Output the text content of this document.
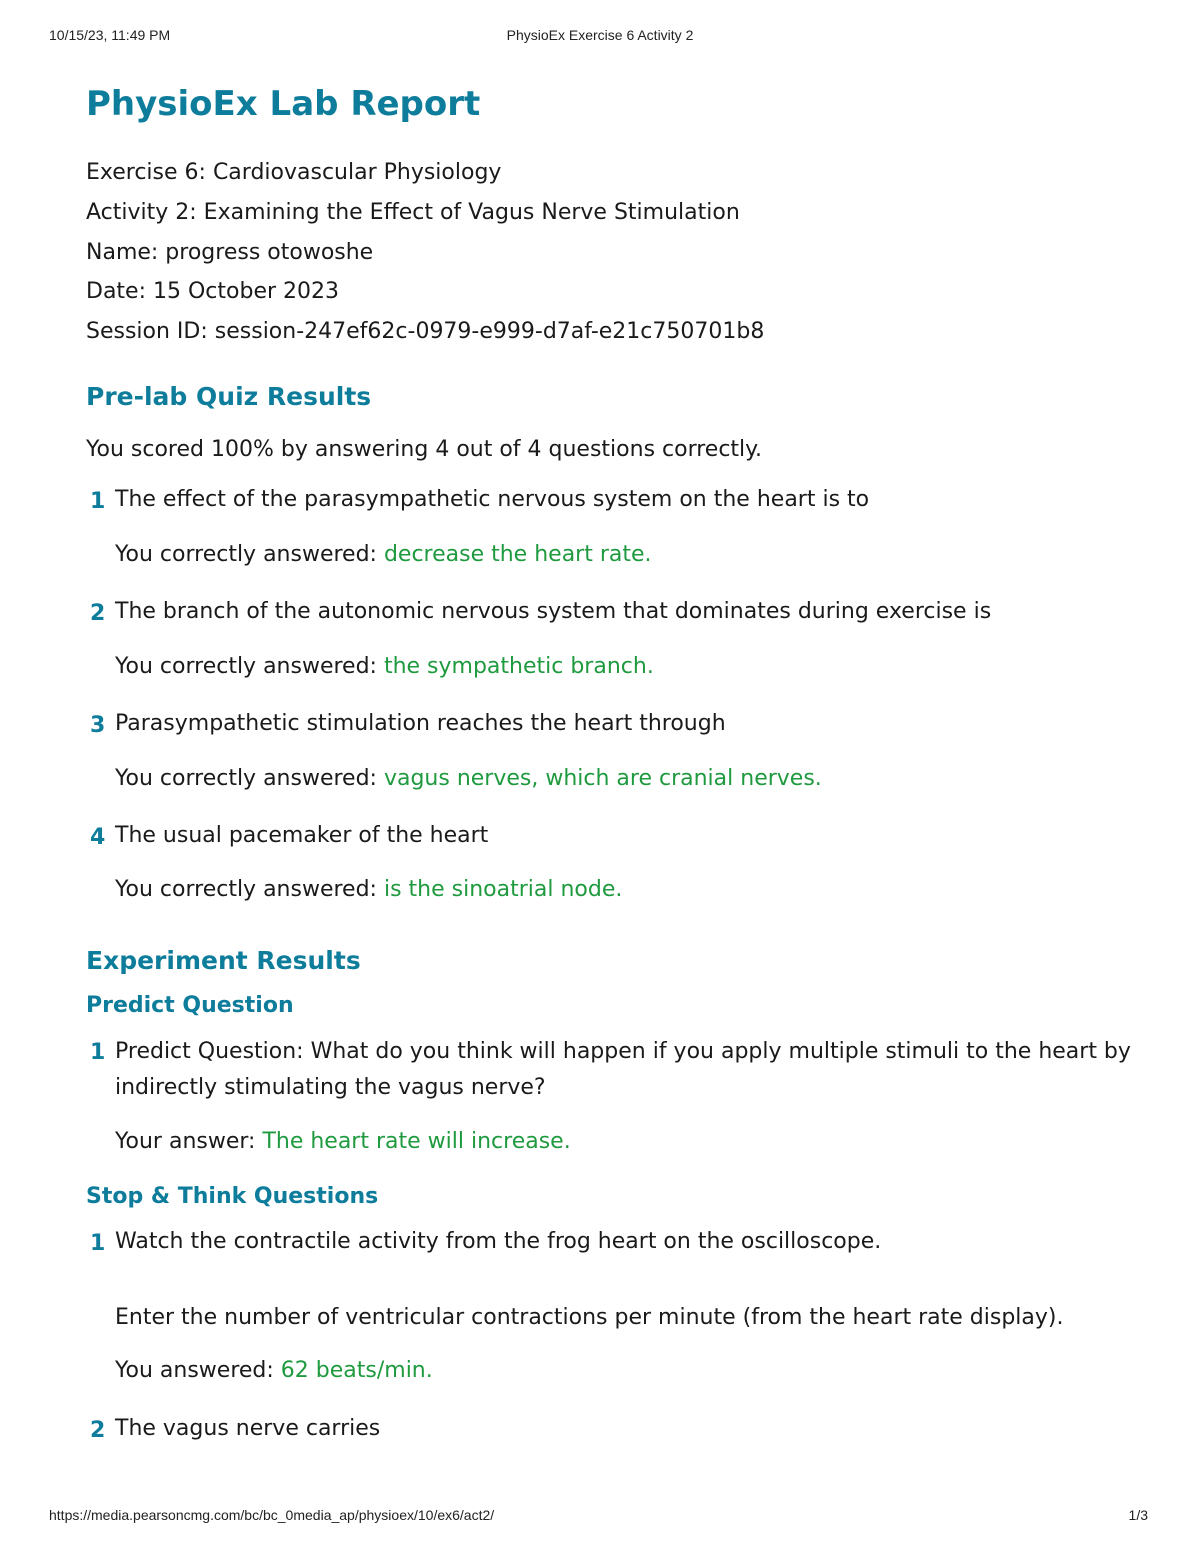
10/15/23, 11:49 PM	PhysioEx Exercise 6 Activity 2
PhysioEx Lab Report

Exercise 6: Cardiovascular Physiology

Activity 2: Examining the Effect of Vagus Nerve Stimulation

Name: progress otowoshe

Date: 15 October 2023

Session ID: session-247ef62c-0979-e999-d7af-e21c750701b8

Pre-lab Quiz Results

You scored 100% by answering 4 out of 4 questions correctly.

1 The effect of the parasympathetic nervous system on the heart is to

You correctly answered: decrease the heart rate.

2 The branch of the autonomic nervous system that dominates during exercise is

You correctly answered: the sympathetic branch.

3 Parasympathetic stimulation reaches the heart through

You correctly answered: vagus nerves, which are cranial nerves.

4 The usual pacemaker of the heart

You correctly answered: is the sinoatrial node.

Experiment Results
Predict Question
1 Predict Question: What do you think will happen if you apply multiple stimuli to the heart by indirectly stimulating the vagus nerve?

Your answer: The heart rate will increase.

Stop & Think Questions
1 Watch the contractile activity from the frog heart on the oscilloscope.

Enter the number of ventricular contractions per minute (from the heart rate display).

You answered: 62 beats/min.

2 The vagus nerve carries

https://media.pearsoncmg.com/bc/bc_0media_ap/physioex/10/ex6/act2/	1/3
